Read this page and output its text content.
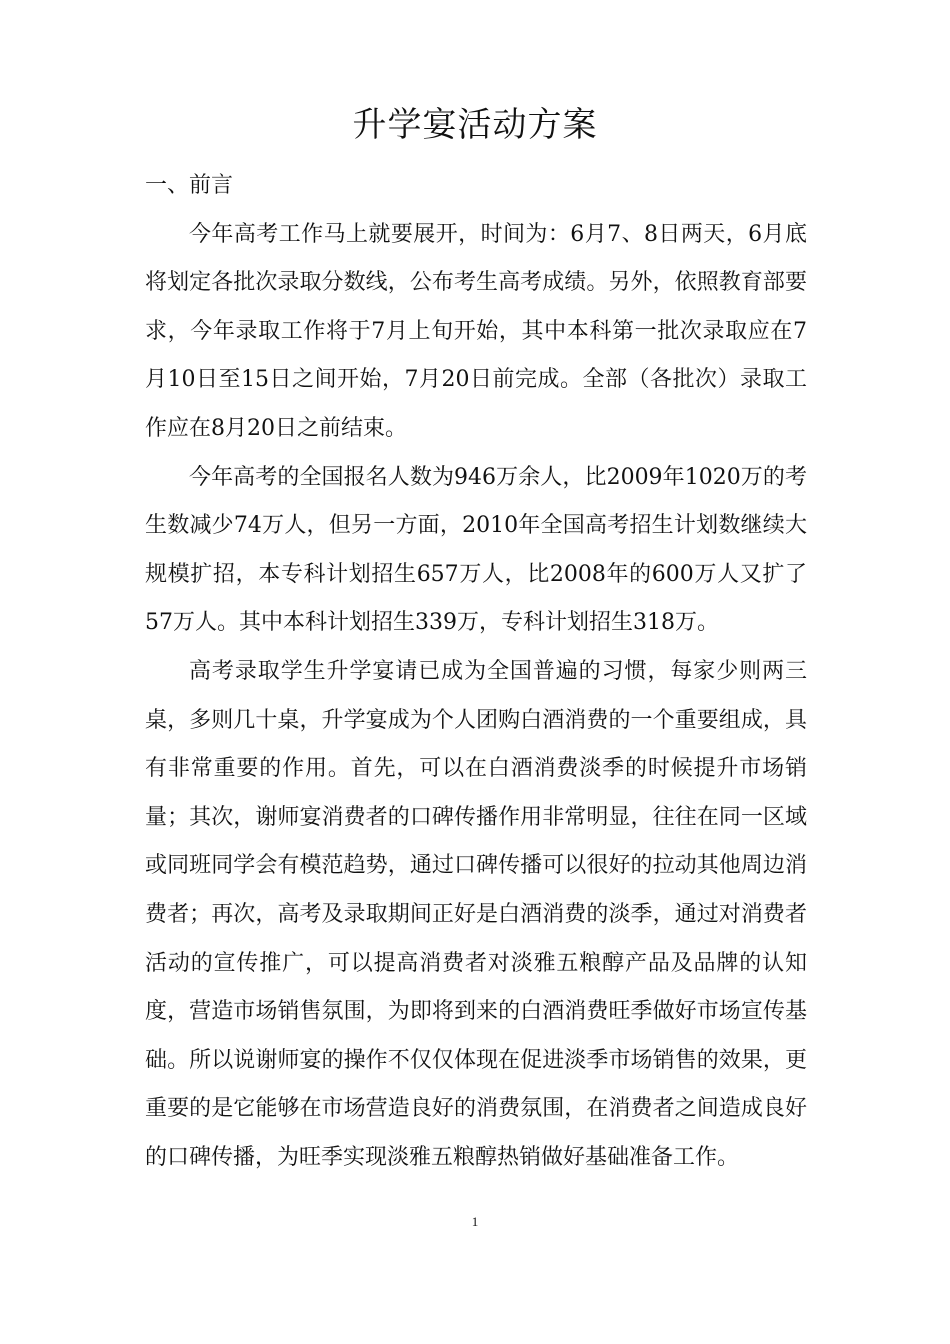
升学宴活动方案
一、前言

今年高考工作马上就要展开，时间为：6月7、8日两天，6月底将划定各批次录取分数线，公布考生高考成绩。另外，依照教育部要求，今年录取工作将于7月上旬开始，其中本科第一批次录取应在7月10日至15日之间开始，7月20日前完成。全部（各批次）录取工作应在8月20日之前结束。

今年高考的全国报名人数为946万余人，比2009年1020万的考生数减少74万人，但另一方面，2010年全国高考招生计划数继续大规模扩招，本专科计划招生657万人，比2008年的600万人又扩了57万人。其中本科计划招生339万，专科计划招生318万。

高考录取学生升学宴请已成为全国普遍的习惯，每家少则两三桌，多则几十桌，升学宴成为个人团购白酒消费的一个重要组成，具有非常重要的作用。首先，可以在白酒消费淡季的时候提升市场销量；其次，谢师宴消费者的口碑传播作用非常明显，往往在同一区域或同班同学会有模范趋势，通过口碑传播可以很好的拉动其他周边消费者；再次，高考及录取期间正好是白酒消费的淡季，通过对消费者活动的宣传推广，可以提高消费者对淡雅五粮醇产品及品牌的认知度，营造市场销售氛围，为即将到来的白酒消费旺季做好市场宣传基础。所以说谢师宴的操作不仅仅体现在促进淡季市场销售的效果，更重要的是它能够在市场营造良好的消费氛围，在消费者之间造成良好的口碑传播，为旺季实现淡雅五粮醇热销做好基础准备工作。

1
